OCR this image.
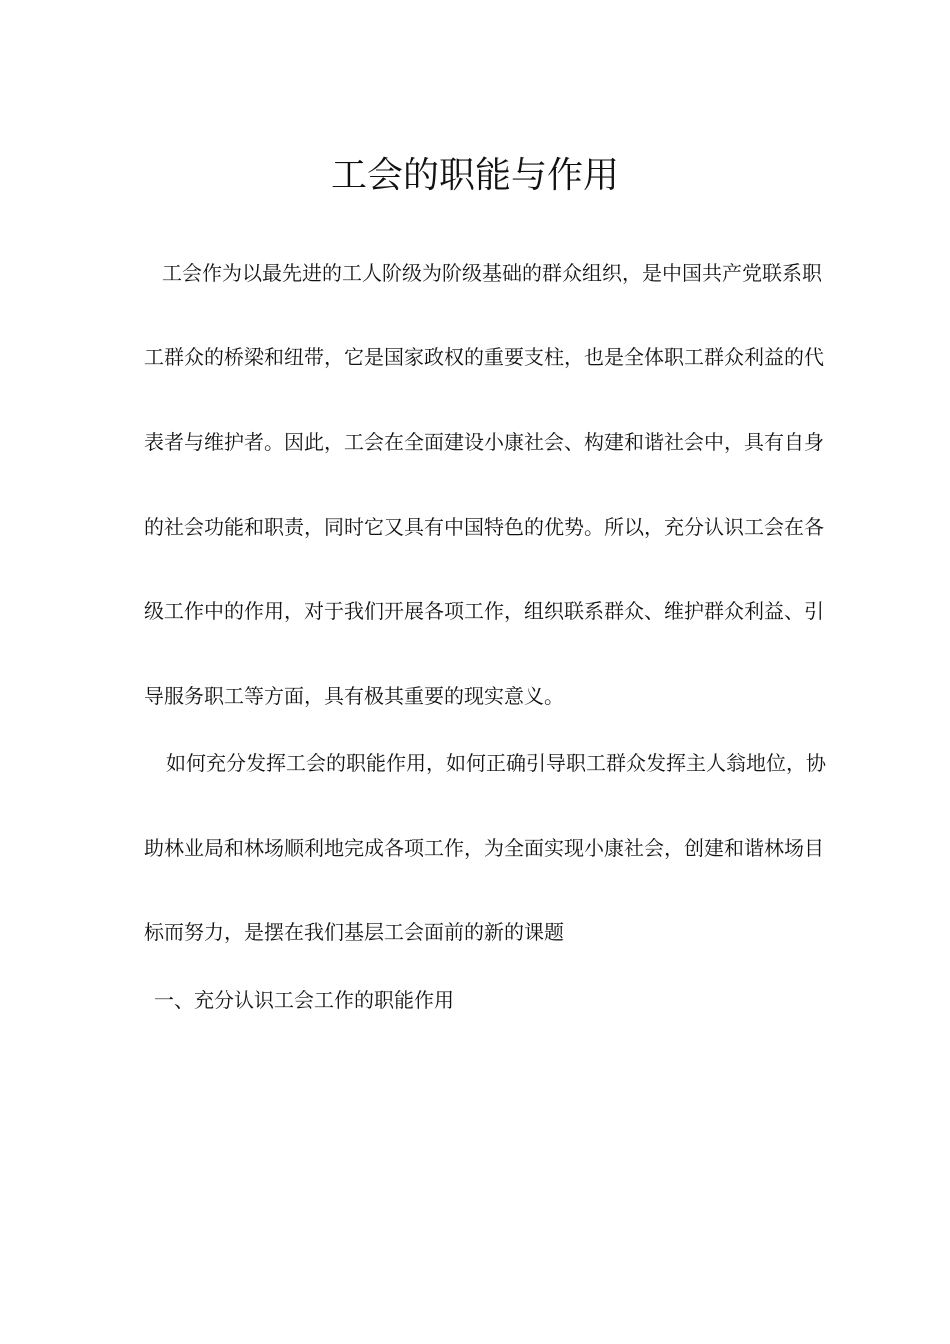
工会的职能与作用
工会作为以最先进的工人阶级为阶级基础的群众组织，是中国共产党联系职
工群众的桥梁和纽带，它是国家政权的重要支柱，也是全体职工群众利益的代
表者与维护者。因此，工会在全面建设小康社会、构建和谐社会中，具有自身
的社会功能和职责，同时它又具有中国特色的优势。所以，充分认识工会在各
级工作中的作用，对于我们开展各项工作，组织联系群众、维护群众利益、引
导服务职工等方面，具有极其重要的现实意义。
如何充分发挥工会的职能作用，如何正确引导职工群众发挥主人翁地位，协
助林业局和林场顺利地完成各项工作，为全面实现小康社会，创建和谐林场目
标而努力，是摆在我们基层工会面前的新的课题
一、充分认识工会工作的职能作用
